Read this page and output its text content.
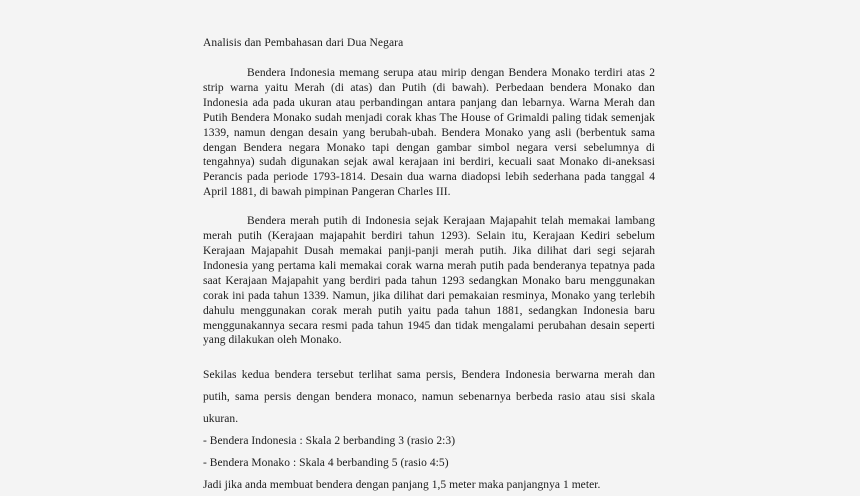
Analisis dan Pembahasan dari Dua Negara

Bendera Indonesia memang serupa atau mirip dengan Bendera Monako terdiri atas 2 strip warna yaitu Merah (di atas) dan Putih (di bawah). Perbedaan bendera Monako dan Indonesia ada pada ukuran atau perbandingan antara panjang dan lebarnya. Warna Merah dan Putih Bendera Monako sudah menjadi corak khas The House of Grimaldi paling tidak semenjak 1339, namun dengan desain yang berubah-ubah. Bendera Monako yang asli (berbentuk sama dengan Bendera negara Monako tapi dengan gambar simbol negara versi sebelumnya di tengahnya) sudah digunakan sejak awal kerajaan ini berdiri, kecuali saat Monako di-aneksasi Perancis pada periode 1793-1814. Desain dua warna diadopsi lebih sederhana pada tanggal 4 April 1881, di bawah pimpinan Pangeran Charles III.

Bendera merah putih di Indonesia sejak Kerajaan Majapahit telah memakai lambang merah putih (Kerajaan majapahit berdiri tahun 1293). Selain itu, Kerajaan Kediri sebelum Kerajaan Majapahit Dusah memakai panji-panji merah putih. Jika dilihat dari segi sejarah Indonesia yang pertama kali memakai corak warna merah putih pada benderanya tepatnya pada saat Kerajaan Majapahit yang berdiri pada tahun 1293 sedangkan Monako baru menggunakan corak ini pada tahun 1339. Namun, jika dilihat dari pemakaian resminya, Monako yang terlebih dahulu menggunakan corak merah putih yaitu pada tahun 1881, sedangkan Indonesia baru menggunakannya secara resmi pada tahun 1945 dan tidak mengalami perubahan desain seperti yang dilakukan oleh Monako.

Sekilas kedua bendera tersebut terlihat sama persis, Bendera Indonesia berwarna merah dan putih, sama persis dengan bendera monaco, namun sebenarnya berbeda rasio atau sisi skala ukuran.

- Bendera Indonesia : Skala 2 berbanding 3 (rasio 2:3)

- Bendera Monako : Skala 4 berbanding 5 (rasio 4:5)

Jadi jika anda membuat bendera dengan panjang 1,5 meter maka panjangnya 1 meter.
